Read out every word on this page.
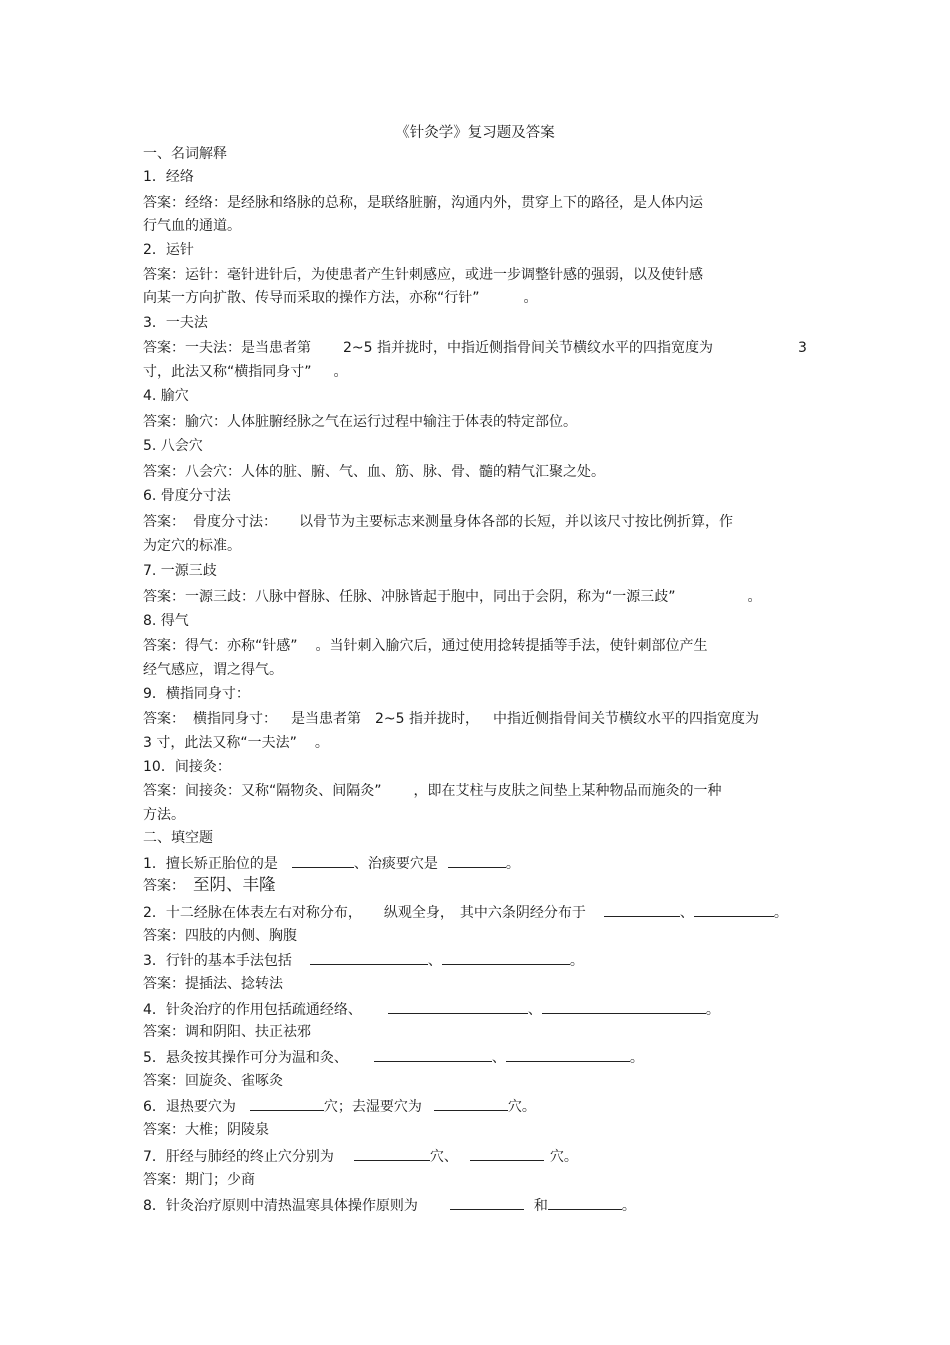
《针灸学》复习题及答案
一、名词解释
1．经络
答案：经络：是经脉和络脉的总称，是联络脏腑，沟通内外，贯穿上下的路径，是人体内运
行气血的通道。
2．运针
答案：运针：毫针进针后，为使患者产生针刺感应，或进一步调整针感的强弱，以及使针感
向某一方向扩散、传导而采取的操作方法，亦称“行针”	。
3．一夫法
答案：一夫法：是当患者第 2~5 指并拢时，中指近侧指骨间关节横纹水平的四指宽度为	3
寸，此法又称“横指同身寸” 。
4. 腧穴
答案：腧穴：人体脏腑经脉之气在运行过程中输注于体表的特定部位。
5. 八会穴
答案：八会穴：人体的脏、腑、气、血、筋、脉、骨、髓的精气汇聚之处。
6. 骨度分寸法
答案： 骨度分寸法： 以骨节为主要标志来测量身体各部的长短，并以该尺寸按比例折算，作
为定穴的标准。
7. 一源三歧
答案：一源三歧：八脉中督脉、任脉、冲脉皆起于胞中，同出于会阴，称为“一源三歧”	。
8. 得气
答案：得气：亦称“针感” 。当针刺入腧穴后，通过使用捻转提插等手法，使针刺部位产生
经气感应，谓之得气。
9．横指同身寸：
答案： 横指同身寸： 是当患者第 2~5 指并拢时， 中指近侧指骨间关节横纹水平的四指宽度为
3 寸，此法又称“一夫法” 。
10．间接灸：
答案：间接灸：又称“隔物灸、间隔灸” ，即在艾柱与皮肤之间垫上某种物品而施灸的一种
方法。
二、填空题
1．擅长矫正胎位的是	、治痰要穴是	。
答案： 至阴、丰隆
2．十二经脉在体表左右对称分布， 纵观全身， 其中六条阴经分布于	、	。
答案：四肢的内侧、胸腹
3．行针的基本手法包括	、	。
答案：提插法、捻转法
4．针灸治疗的作用包括疏通经络、	、	。
答案：调和阴阳、扶正祛邪
5．悬灸按其操作可分为温和灸、	、	。
答案：回旋灸、雀啄灸
6．退热要穴为	穴；去湿要穴为	穴。
答案：大椎；阴陵泉
7．肝经与肺经的终止穴分别为	穴、	穴。
答案：期门；少商
8．针灸治疗原则中清热温寒具体操作原则为	和	。
